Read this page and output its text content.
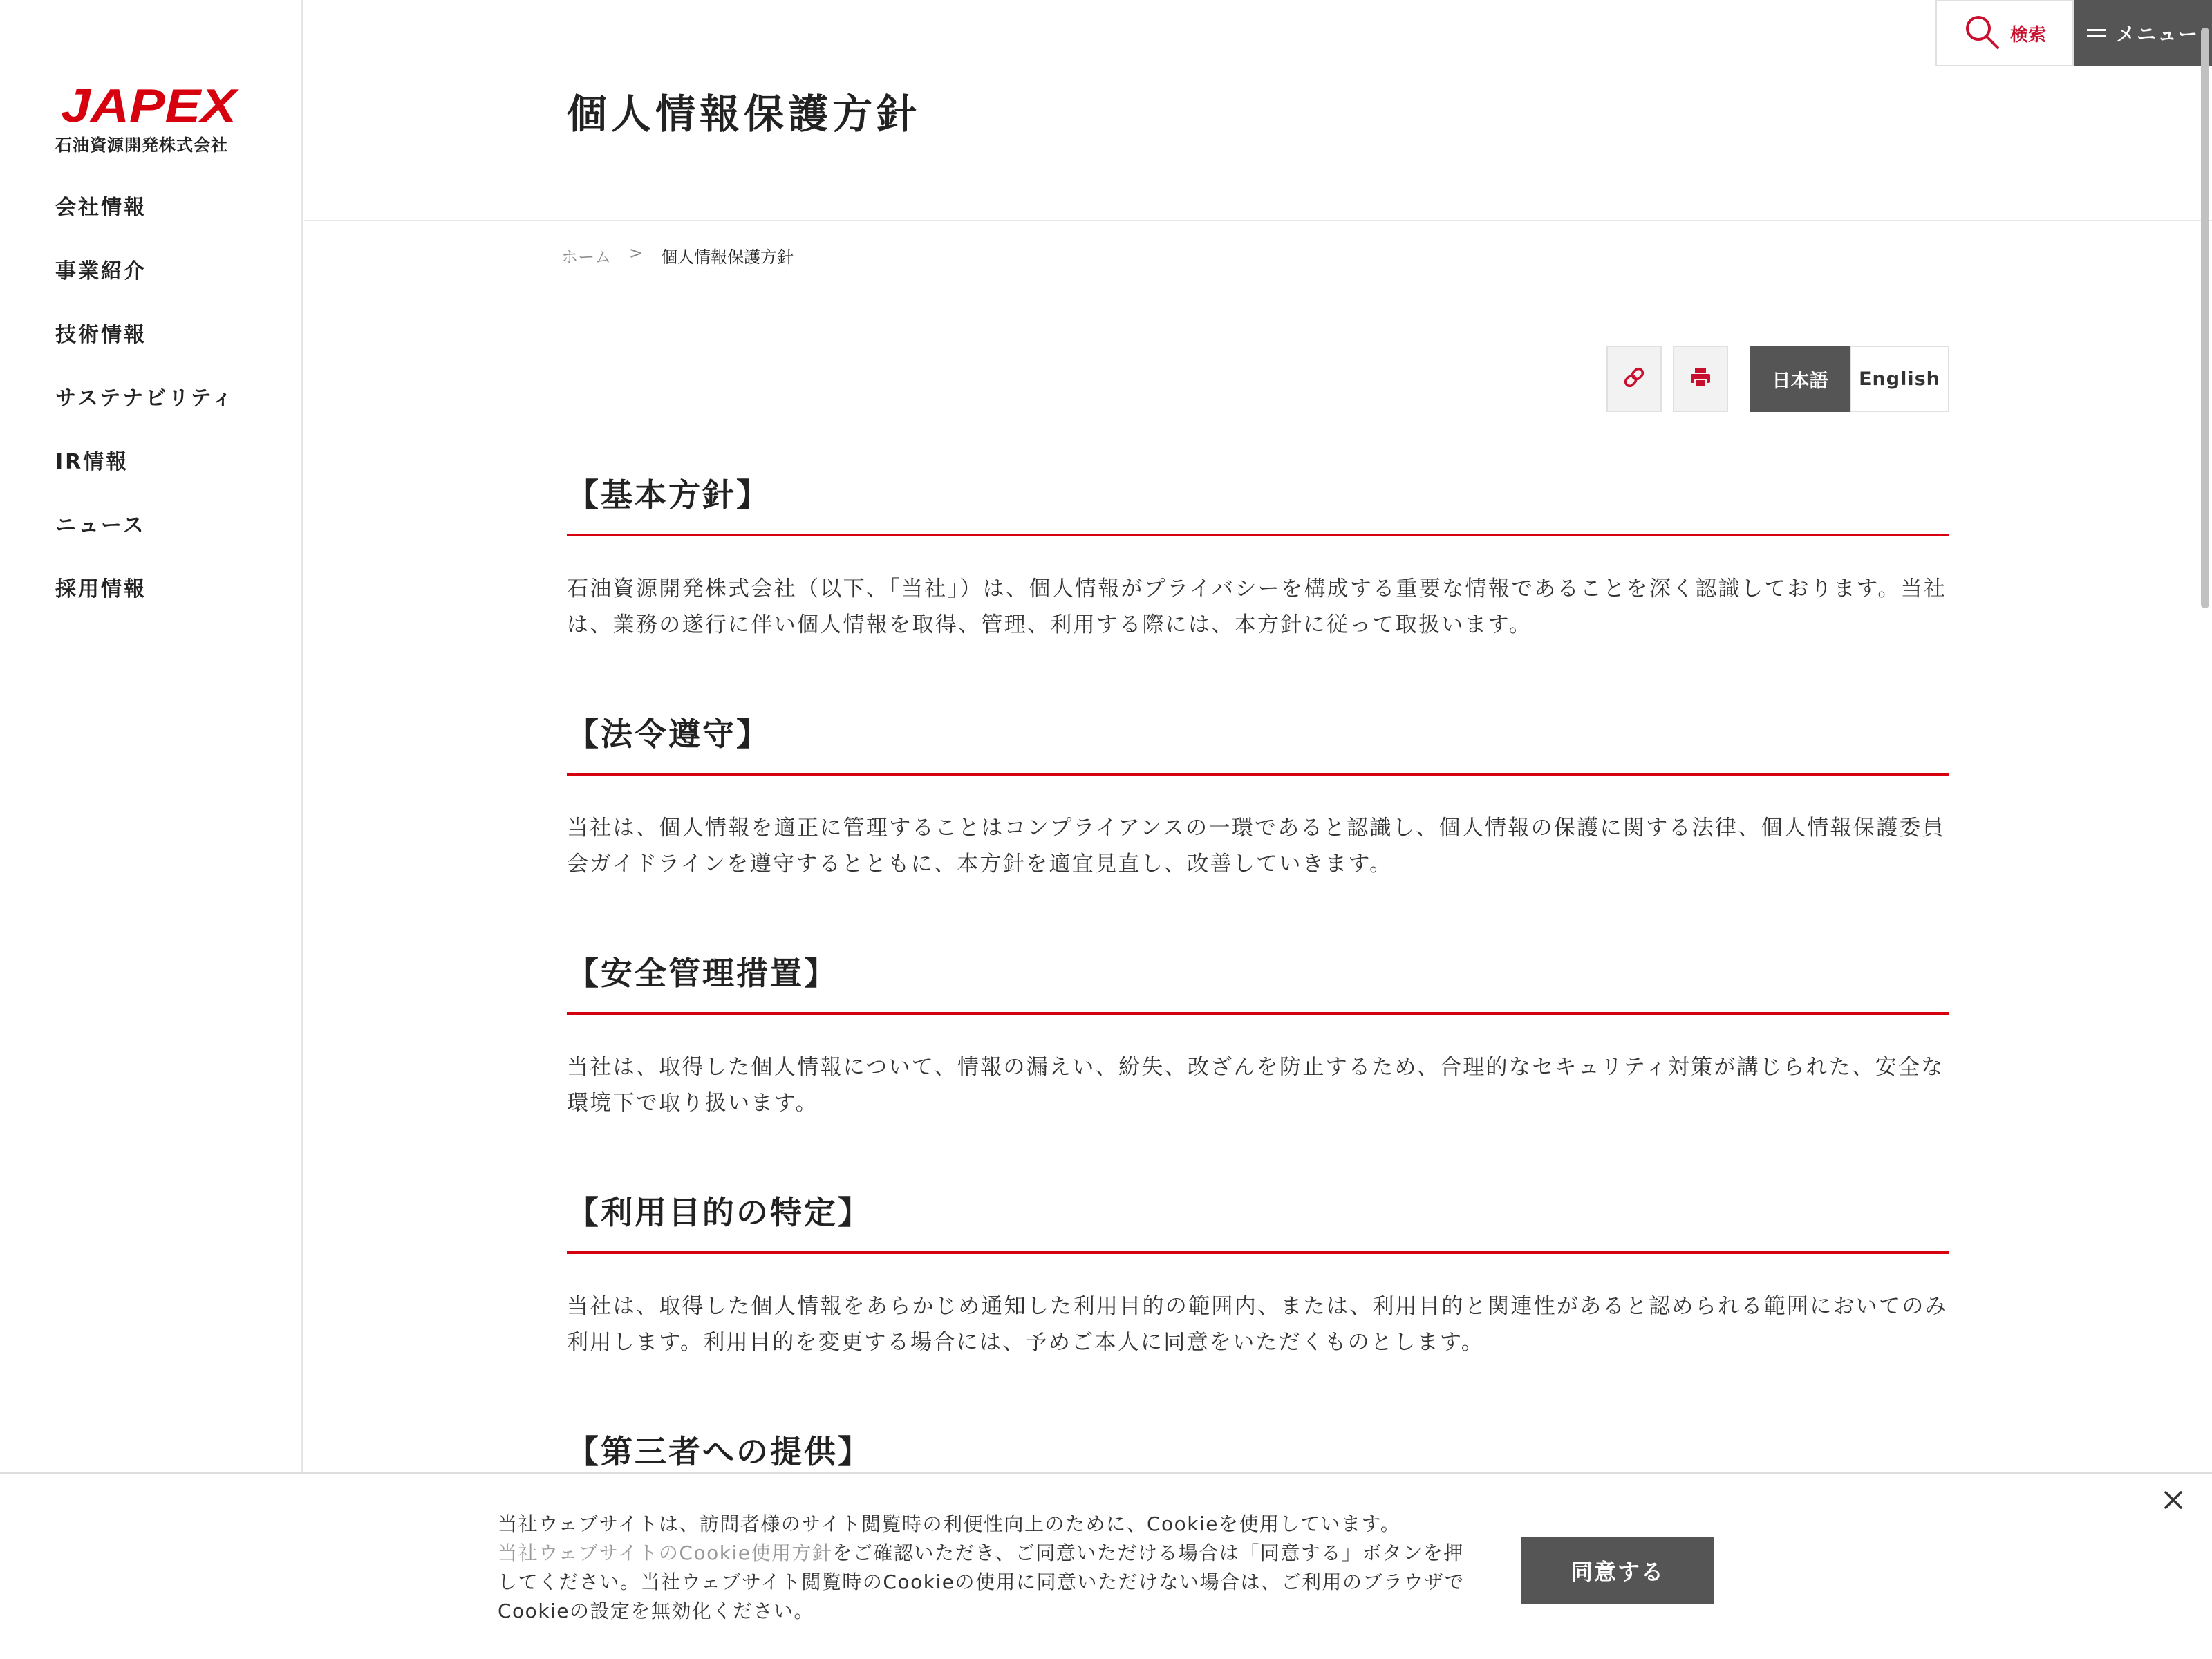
JAPEX
石油資源開発株式会社
会社情報
事業紹介
技術情報
サステナビリティ
IR情報
ニュース
採用情報
検索	メニュー
個人情報保護方針
ホーム > 個人情報保護方針
日本語	English
【基本方針】

石油資源開発株式会社（以下、「当社」）は、個人情報がプライバシーを構成する重要な情報であることを深く認識しております。当社は、業務の遂行に伴い個人情報を取得、管理、利用する際には、本方針に従って取扱います。

【法令遵守】

当社は、個人情報を適正に管理することはコンプライアンスの一環であると認識し、個人情報の保護に関する法律、個人情報保護委員会ガイドラインを遵守するとともに、本方針を適宜見直し、改善していきます。

【安全管理措置】

当社は、取得した個人情報について、情報の漏えい、紛失、改ざんを防止するため、合理的なセキュリティ対策が講じられた、安全な環境下で取り扱います。

【利用目的の特定】

当社は、取得した個人情報をあらかじめ通知した利用目的の範囲内、または、利用目的と関連性があると認められる範囲においてのみ利用します。利用目的を変更する場合には、予めご本人に同意をいただくものとします。

【第三者への提供】

当社ウェブサイトは、訪問者様のサイト閲覧時の利便性向上のために、Cookieを使用しています。
当社ウェブサイトのCookie使用方針をご確認いただき、ご同意いただける場合は「同意する」ボタンを押してください。当社ウェブサイト閲覧時のCookieの使用に同意いただけない場合は、ご利用のブラウザでCookieの設定を無効化ください。

同意する
